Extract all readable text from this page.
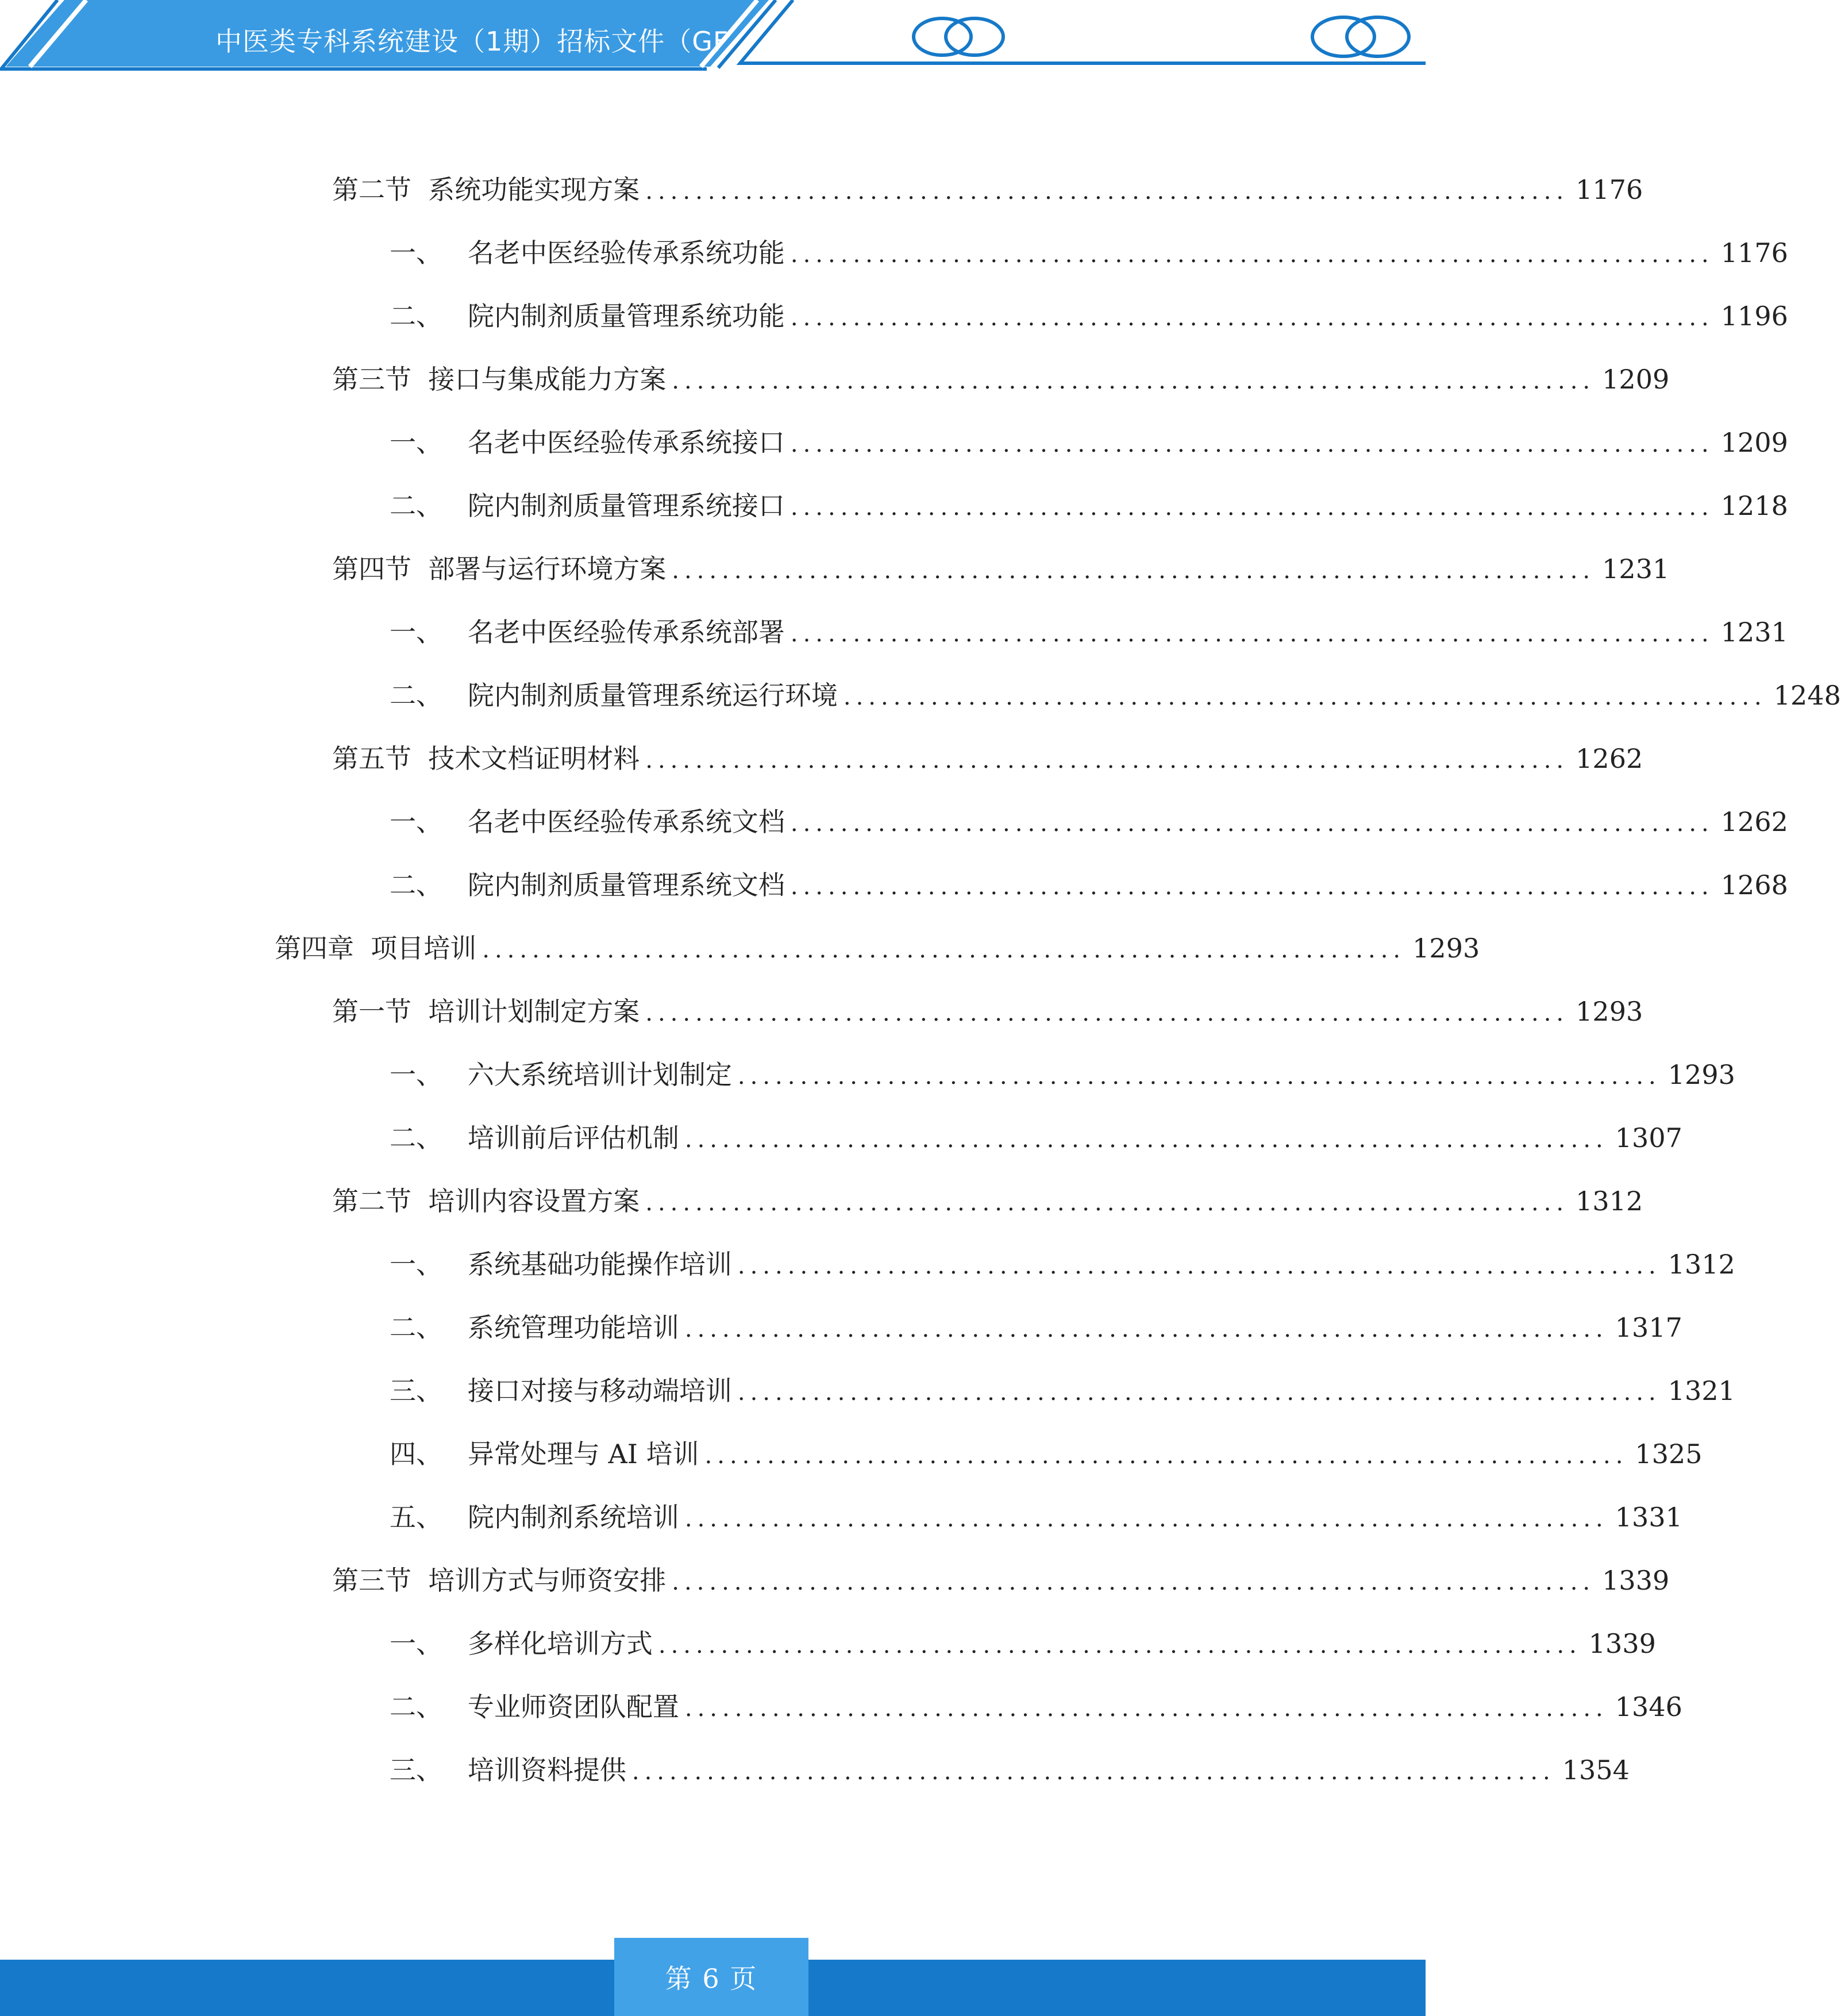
中医类专科系统建设（1期）招标文件（GF
第二节 系统功能实现方案 .......................................................................... 1176
一、 名老中医经验传承系统功能 .......................................................................... 1176
二、 院内制剂质量管理系统功能 .......................................................................... 1196
第三节 接口与集成能力方案 .......................................................................... 1209
一、 名老中医经验传承系统接口 .......................................................................... 1209
二、 院内制剂质量管理系统接口 .......................................................................... 1218
第四节 部署与运行环境方案 .......................................................................... 1231
一、 名老中医经验传承系统部署 .......................................................................... 1231
二、 院内制剂质量管理系统运行环境 .......................................................................... 1248
第五节 技术文档证明材料 .......................................................................... 1262
一、 名老中医经验传承系统文档 .......................................................................... 1262
二、 院内制剂质量管理系统文档 .......................................................................... 1268
第四章 项目培训 .......................................................................... 1293
第一节 培训计划制定方案 .......................................................................... 1293
一、 六大系统培训计划制定 .......................................................................... 1293
二、 培训前后评估机制 .......................................................................... 1307
第二节 培训内容设置方案 .......................................................................... 1312
一、 系统基础功能操作培训 .......................................................................... 1312
二、 系统管理功能培训 .......................................................................... 1317
三、 接口对接与移动端培训 .......................................................................... 1321
四、 异常处理与 AI 培训 .......................................................................... 1325
五、 院内制剂系统培训 .......................................................................... 1331
第三节 培训方式与师资安排 .......................................................................... 1339
一、 多样化培训方式 .......................................................................... 1339
二、 专业师资团队配置 .......................................................................... 1346
三、 培训资料提供 .......................................................................... 1354
第 6 页
